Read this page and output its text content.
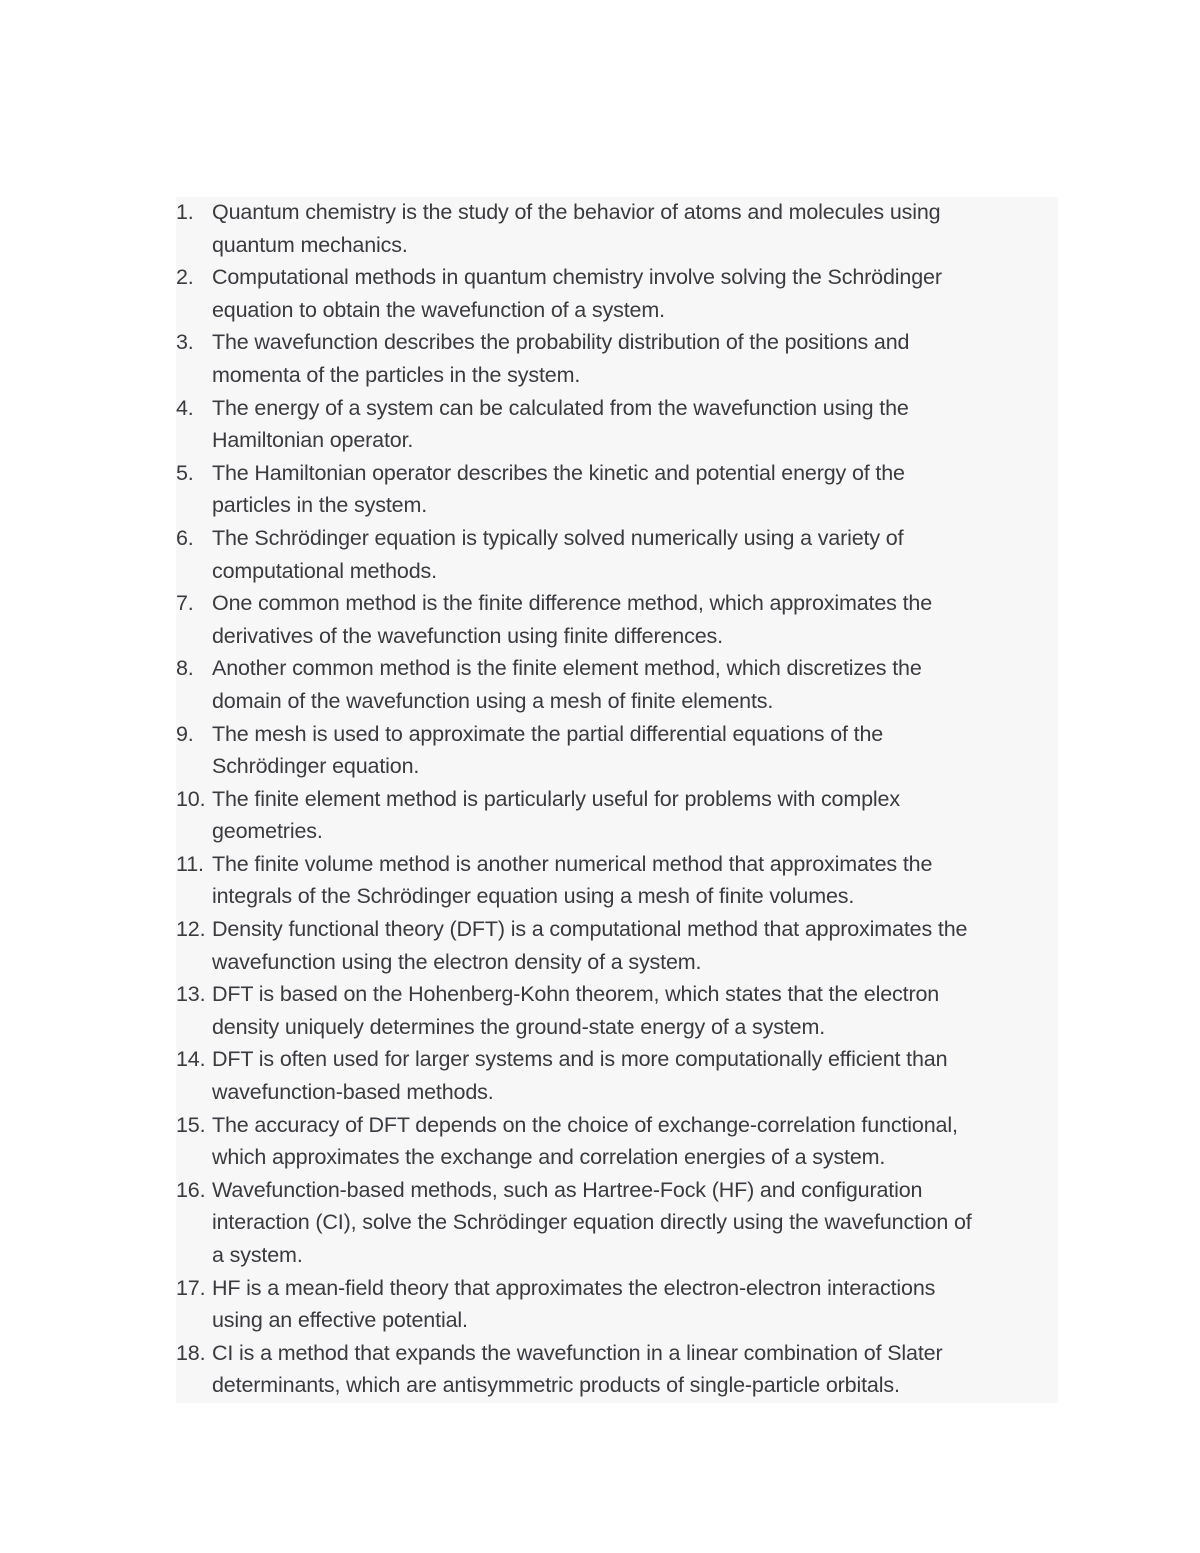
1. Quantum chemistry is the study of the behavior of atoms and molecules using
quantum mechanics.
2. Computational methods in quantum chemistry involve solving the Schrödinger
equation to obtain the wavefunction of a system.
3. The wavefunction describes the probability distribution of the positions and
momenta of the particles in the system.
4. The energy of a system can be calculated from the wavefunction using the
Hamiltonian operator.
5. The Hamiltonian operator describes the kinetic and potential energy of the
particles in the system.
6. The Schrödinger equation is typically solved numerically using a variety of
computational methods.
7. One common method is the finite difference method, which approximates the
derivatives of the wavefunction using finite differences.
8. Another common method is the finite element method, which discretizes the
domain of the wavefunction using a mesh of finite elements.
9. The mesh is used to approximate the partial differential equations of the
Schrödinger equation.
10. The finite element method is particularly useful for problems with complex
geometries.
11. The finite volume method is another numerical method that approximates the
integrals of the Schrödinger equation using a mesh of finite volumes.
12. Density functional theory (DFT) is a computational method that approximates the
wavefunction using the electron density of a system.
13. DFT is based on the Hohenberg-Kohn theorem, which states that the electron
density uniquely determines the ground-state energy of a system.
14. DFT is often used for larger systems and is more computationally efficient than
wavefunction-based methods.
15. The accuracy of DFT depends on the choice of exchange-correlation functional,
which approximates the exchange and correlation energies of a system.
16. Wavefunction-based methods, such as Hartree-Fock (HF) and configuration
interaction (CI), solve the Schrödinger equation directly using the wavefunction of
a system.
17. HF is a mean-field theory that approximates the electron-electron interactions
using an effective potential.
18. CI is a method that expands the wavefunction in a linear combination of Slater
determinants, which are antisymmetric products of single-particle orbitals.
